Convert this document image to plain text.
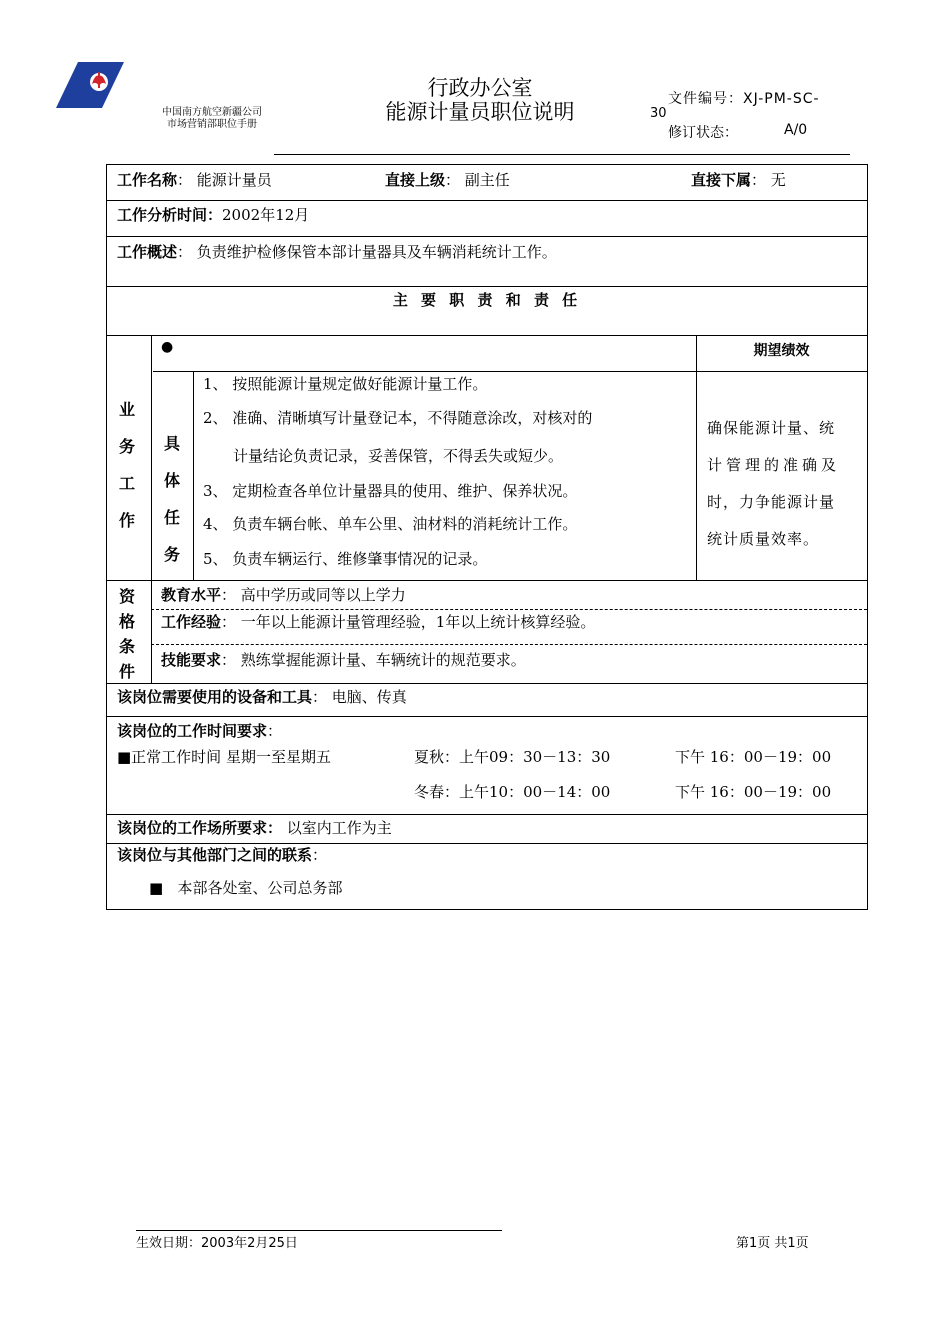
中国南方航空新疆公司
市场营销部职位手册
行政办公室
能源计量员职位说明
文件编号：XJ-PM-SC-
30
修订状态：	A/0
工作名称： 能源计量员	直接上级： 副主任	直接下属： 无
工作分析时间：2002年12月
工作概述： 负责维护检修保管本部计量器具及车辆消耗统计工作。
主 要 职 责 和 责 任
业
务
工
作
●	期望绩效
具
体
任
务
1、 按照能源计量规定做好能源计量工作。
2、 准确、清晰填写计量登记本，不得随意涂改，对核对的
计量结论负责记录，妥善保管，不得丢失或短少。
3、 定期检查各单位计量器具的使用、维护、保养状况。
4、 负责车辆台帐、单车公里、油材料的消耗统计工作。
5、 负责车辆运行、维修肇事情况的记录。
确保能源计量、统
计管理的准确及
时，力争能源计量
统计质量效率。
资
格
条
件
教育水平： 高中学历或同等以上学力
工作经验： 一年以上能源计量管理经验，1年以上统计核算经验。
技能要求： 熟练掌握能源计量、车辆统计的规范要求。
该岗位需要使用的设备和工具： 电脑、传真
该岗位的工作时间要求：
■正常工作时间 星期一至星期五	夏秋：上午09：30－13：30	下午 16：00－19：00
冬春：上午10：00－14：00	下午 16：00－19：00
该岗位的工作场所要求： 以室内工作为主
该岗位与其他部门之间的联系：
■ 本部各处室、公司总务部
生效日期：2003年2月25日	第1页 共1页
